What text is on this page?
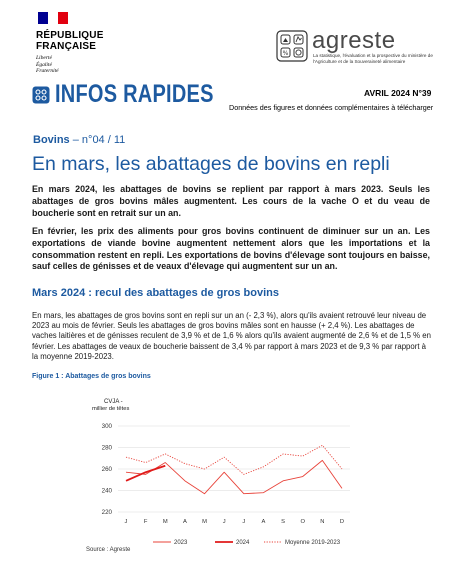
RÉPUBLIQUE
FRANÇAISE
Liberté
Égalité
Fraternité
% agreste
La statistique, l'évaluation et la prospective du ministère de l'Agriculture et de la Souveraineté alimentaire
INFOS RAPIDES	AVRIL 2024 N°39
Données des figures et données complémentaires à télécharger
Bovins – n°04 / 11
En mars, les abattages de bovins en repli
En mars 2024, les abattages de bovins se replient par rapport à mars 2023. Seuls les abattages de gros bovins mâles augmentent. Les cours de la vache O et du veau de boucherie sont en retrait sur un an.
En février, les prix des aliments pour gros bovins continuent de diminuer sur un an. Les exportations de viande bovine augmentent nettement alors que les importations et la consommation restent en repli. Les exportations de bovins d'élevage sont toujours en baisse, sauf celles de génisses et de veaux d'élevage qui augmentent sur un an.
Mars 2024 : recul des abattages de gros bovins
En mars, les abattages de gros bovins sont en repli sur un an (- 2,3 %), alors qu'ils avaient retrouvé leur niveau de 2023 au mois de février. Seuls les abattages de gros bovins mâles sont en hausse (+ 2,4 %). Les abattages de vaches laitières et de génisses reculent de 3,9 % et de 1,6 % alors qu'ils avaient augmenté de 2,6 % et de 1,5 % en février. Les abattages de veaux de boucherie baissent de 3,4 % par rapport à mars 2023 et de 9,3 % par rapport à la moyenne 2019-2023.
Figure 1 : Abattages de gros bovins
CVJA -
millier de têtes
220
240
260
280
300
J	F	M	A	M	J	J	A	S	O	N	D
2023	2024	Moyenne 2019-2023
Source : Agreste
